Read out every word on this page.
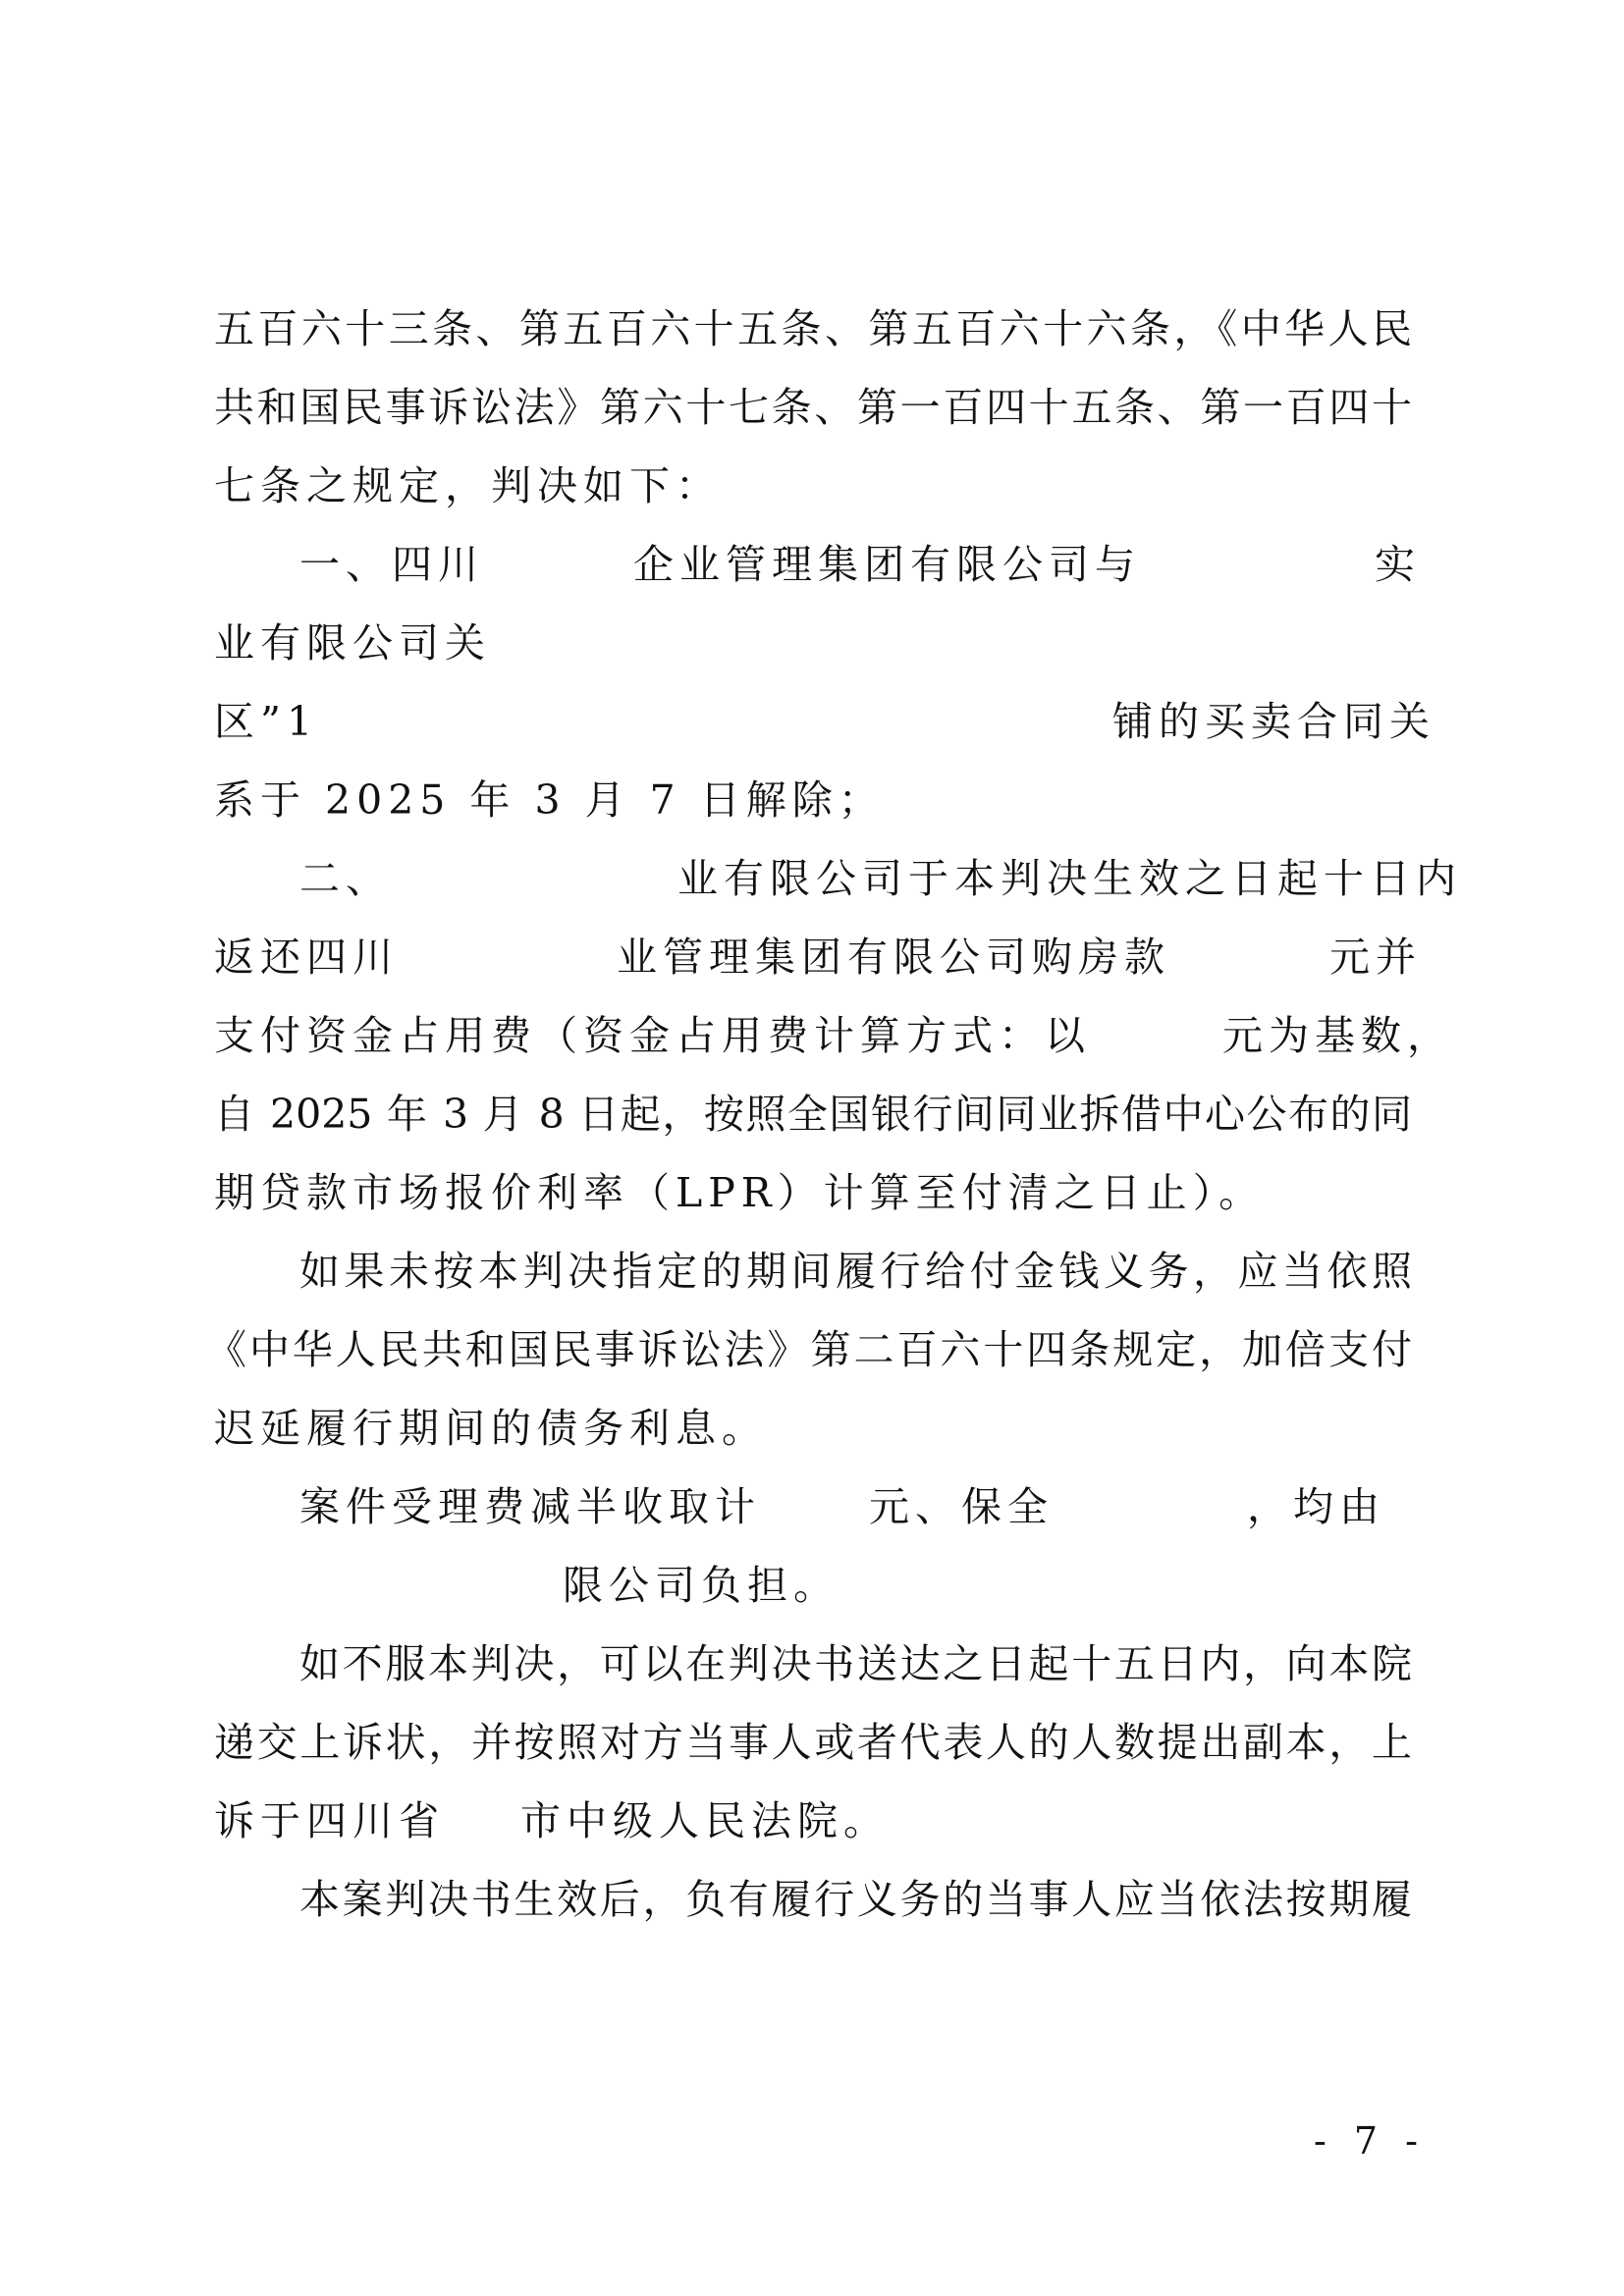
五百六十三条、第五百六十五条、第五百六十六条，《中华人民
共和国民事诉讼法》第六十七条、第一百四十五条、第一百四十
七条之规定，判决如下：
一、四川	企业管理集团有限公司与	实
业有限公司关
区”1	铺的买卖合同关
系于 2025 年 3 月 7 日解除；
二、	业有限公司于本判决生效之日起十日内
返还四川	业管理集团有限公司购房款	元并
支付资金占用费（资金占用费计算方式：以	元为基数，
自 2025 年 3 月 8 日起，按照全国银行间同业拆借中心公布的同
期贷款市场报价利率（LPR）计算至付清之日止）。
如果未按本判决指定的期间履行给付金钱义务，应当依照
《中华人民共和国民事诉讼法》第二百六十四条规定，加倍支付
迟延履行期间的债务利息。
案件受理费减半收取计	元、保全	，均由
限公司负担。
如不服本判决，可以在判决书送达之日起十五日内，向本院
递交上诉状，并按照对方当事人或者代表人的人数提出副本，上
诉于四川省 市中级人民法院。
本案判决书生效后，负有履行义务的当事人应当依法按期履
- 7 -
